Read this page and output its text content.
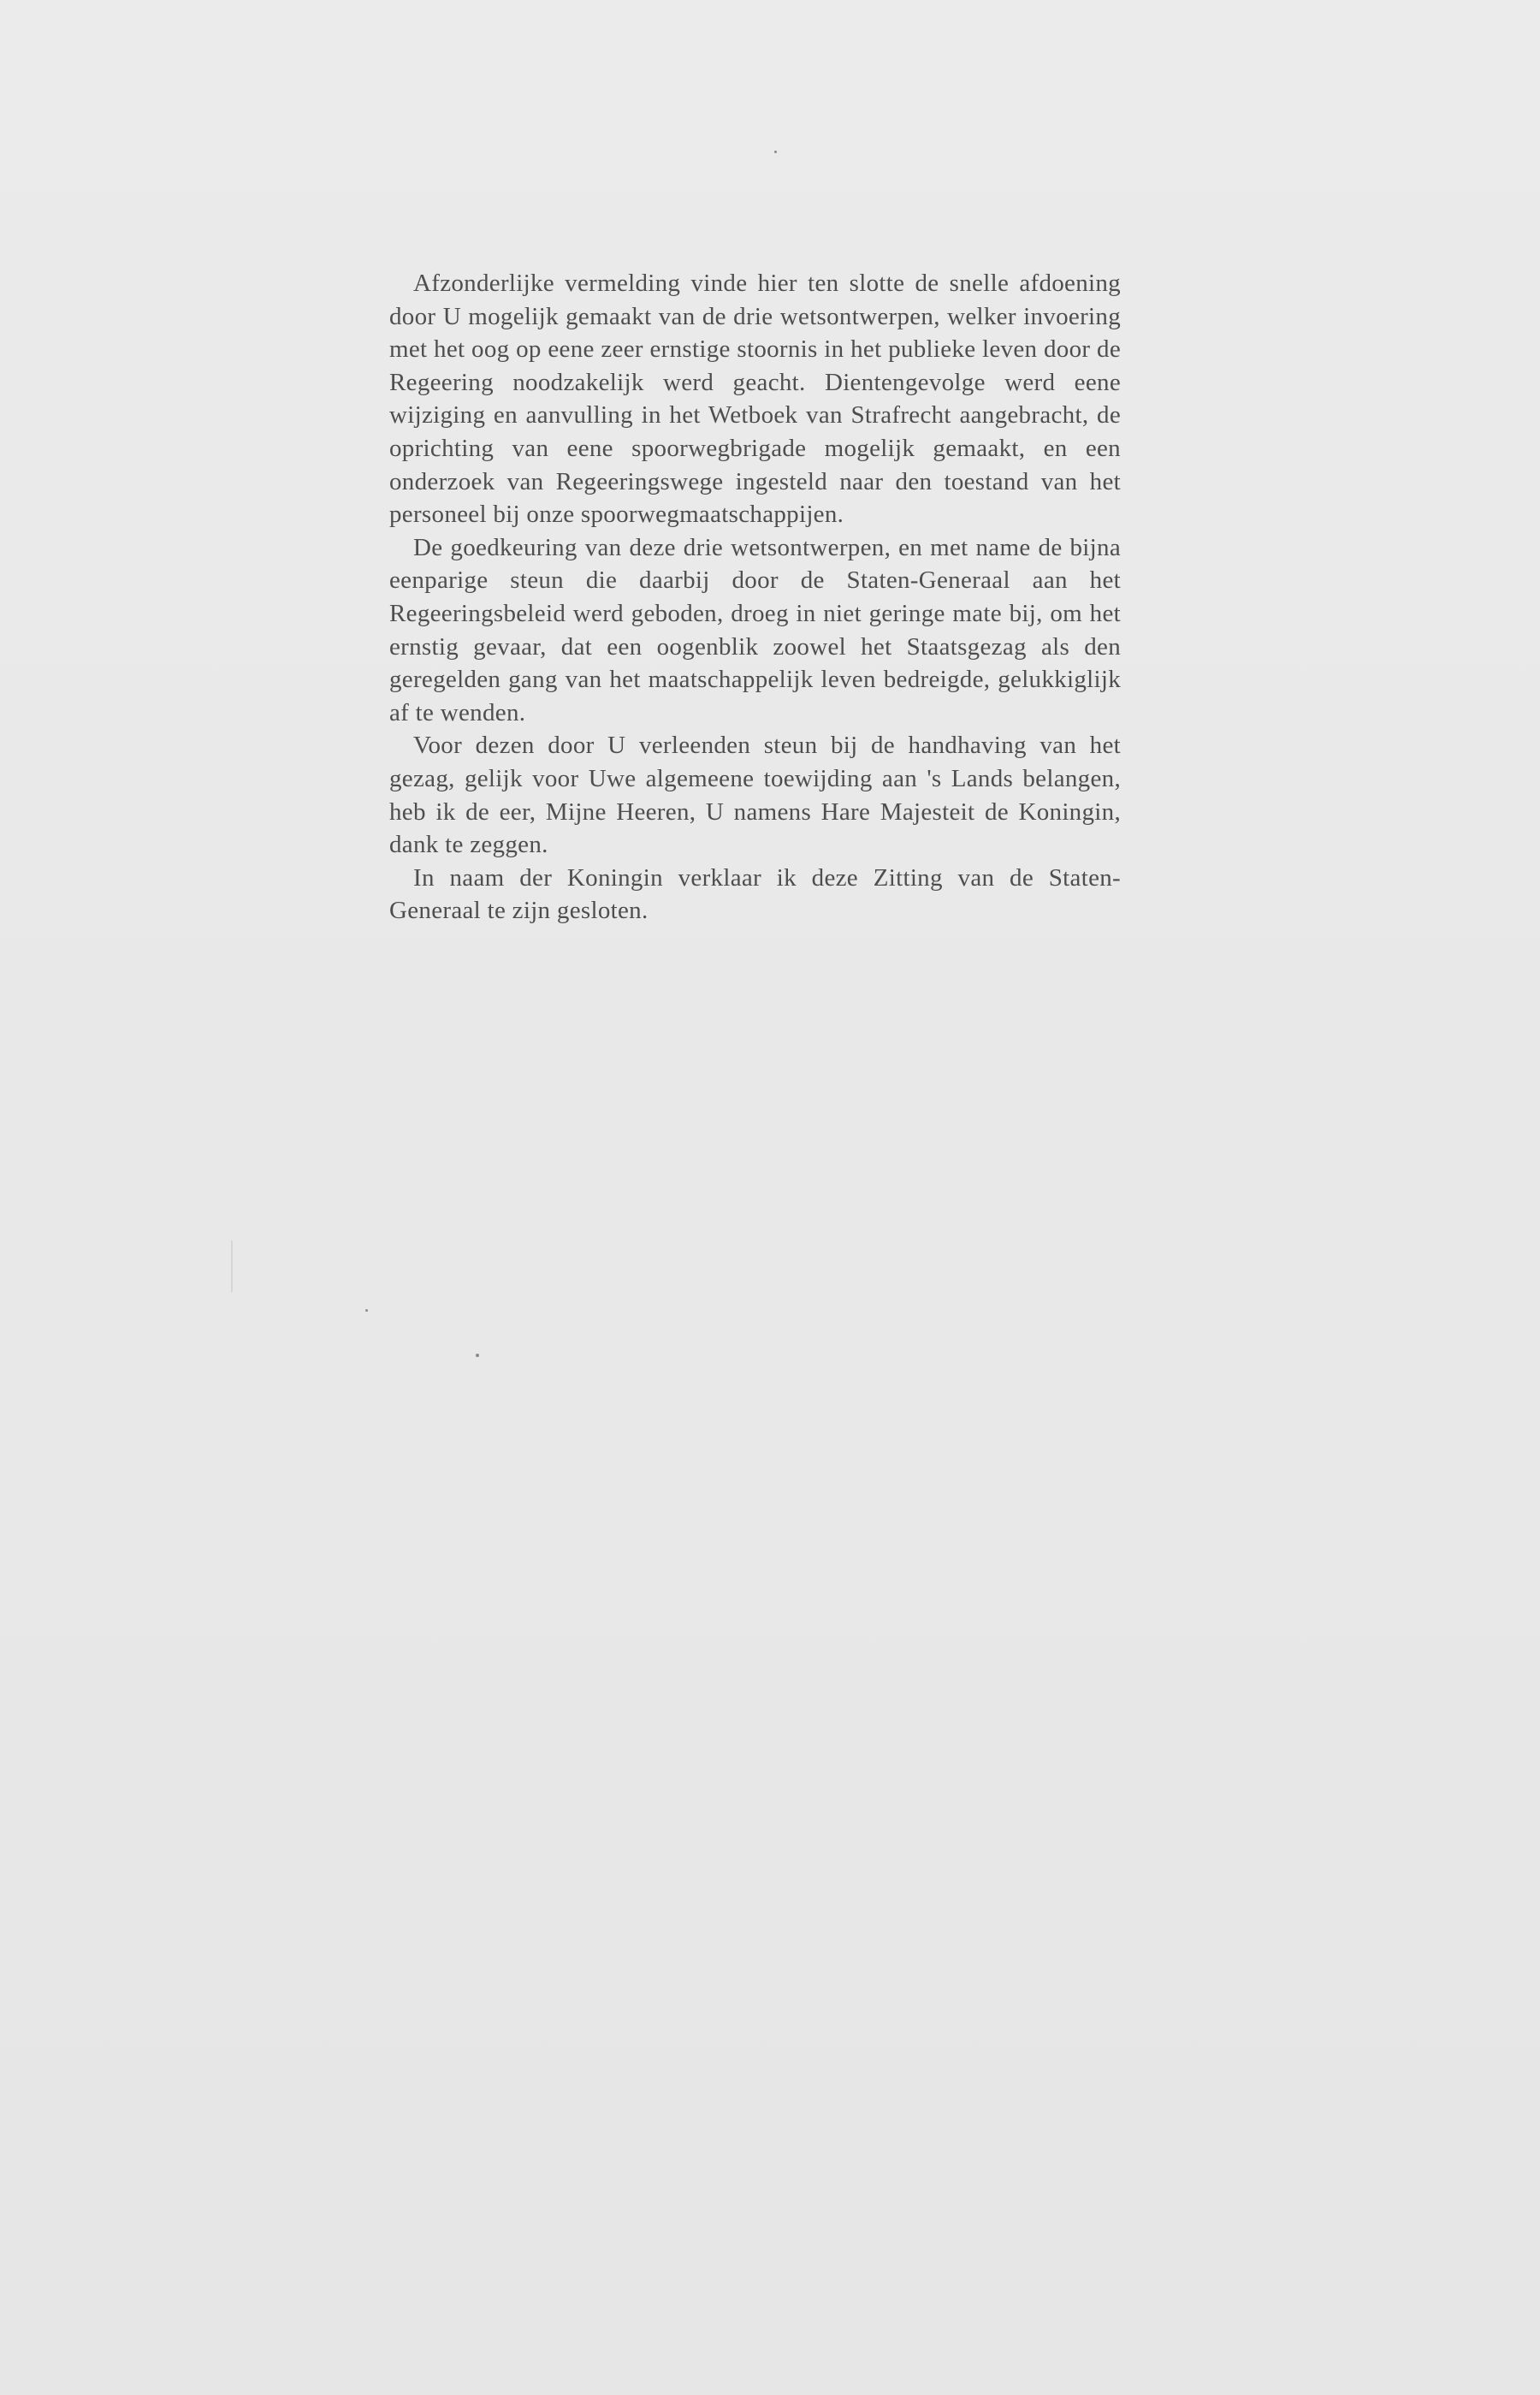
Afzonderlijke vermelding vinde hier ten slotte de snelle afdoening door U mogelijk gemaakt van de drie wetsontwerpen, welker invoering met het oog op eene zeer ernstige stoornis in het publieke leven door de Regeering noodzakelijk werd geacht. Dientengevolge werd eene wijziging en aanvulling in het Wetboek van Strafrecht aangebracht, de oprichting van eene spoorwegbrigade mogelijk gemaakt, en een onderzoek van Regeeringswege ingesteld naar den toestand van het personeel bij onze spoorwegmaatschappijen.

De goedkeuring van deze drie wetsontwerpen, en met name de bijna eenparige steun die daarbij door de Staten-Generaal aan het Regeeringsbeleid werd geboden, droeg in niet geringe mate bij, om het ernstig gevaar, dat een oogenblik zoowel het Staatsgezag als den geregelden gang van het maatschappelijk leven bedreigde, gelukkiglijk af te wenden.

Voor dezen door U verleenden steun bij de handhaving van het gezag, gelijk voor Uwe algemeene toewijding aan 's Lands belangen, heb ik de eer, Mijne Heeren, U namens Hare Majesteit de Koningin, dank te zeggen.

In naam der Koningin verklaar ik deze Zitting van de Staten-Generaal te zijn gesloten.
